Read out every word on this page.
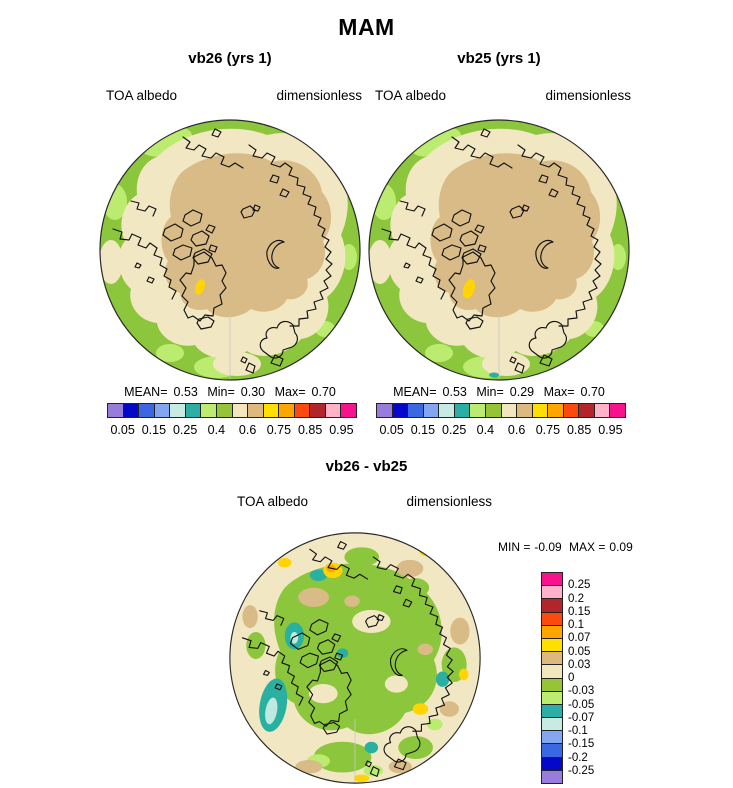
MAM
vb26 (yrs 1)
TOA albedo	dimensionless
MEAN= 0.53 Min= 0.30 Max= 0.70
0.05 0.15 0.25 0.4 0.6 0.75 0.85 0.95
vb25 (yrs 1)
TOA albedo	dimensionless
MEAN= 0.53 Min= 0.29 Max= 0.70
0.05 0.15 0.25 0.4 0.6 0.75 0.85 0.95
vb26 - vb25
TOA albedo	dimensionless
MIN = -0.09 MAX = 0.09
0.25
0.2
0.15
0.1
0.07
0.05
0.03
0
-0.03
-0.05
-0.07
-0.1
-0.15
-0.2
-0.25
